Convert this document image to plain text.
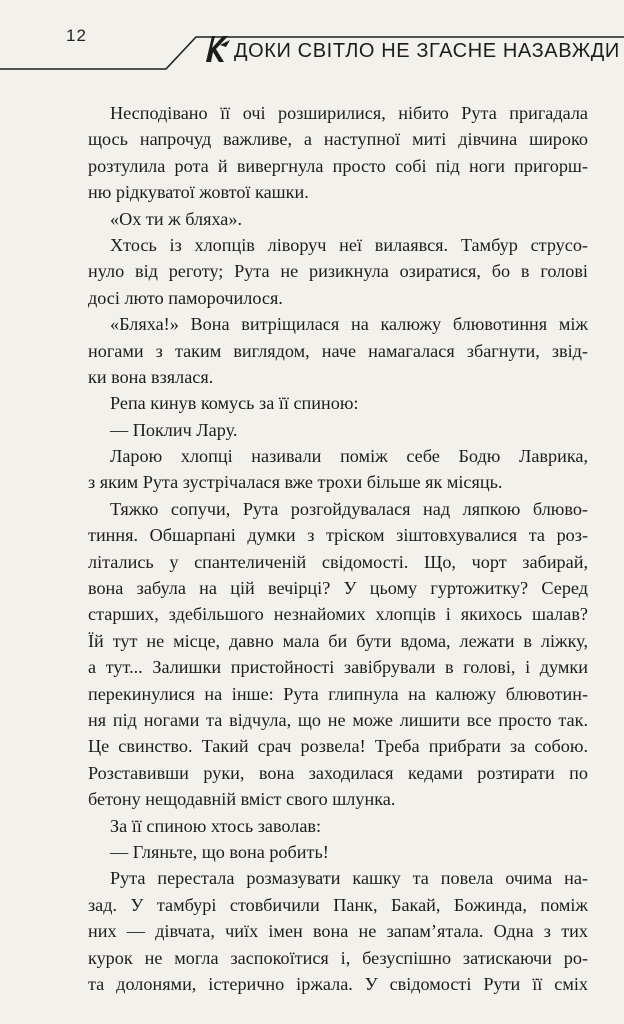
12
ДОКИ СВІТЛО НЕ ЗГАСНЕ НАЗАВЖДИ
Несподівано її очі розширилися, нібито Рута пригадала
щось напрочуд важливе, а наступної миті дівчина широко
розтулила рота й вивергнула просто собі під ноги пригорш-
ню рідкуватої жовтої кашки.
«Ох ти ж бляха».
Хтось із хлопців ліворуч неї вилаявся. Тамбур струсо-
нуло від реготу; Рута не ризикнула озиратися, бо в голові
досі люто паморочилося.
«Бляха!» Вона витріщилася на калюжу блювотиння між
ногами з таким виглядом, наче намагалася збагнути, звід-
ки вона взялася.
Репа кинув комусь за її спиною:
— Поклич Лару.
Ларою хлопці називали поміж себе Бодю Лаврика,
з яким Рута зустрічалася вже трохи більше як місяць.
Тяжко сопучи, Рута розгойдувалася над ляпкою блюво-
тиння. Обшарпані думки з тріском зіштовхувалися та роз-
літались у спантеличеній свідомості. Що, чорт забирай,
вона забула на цій вечірці? У цьому гуртожитку? Серед
старших, здебільшого незнайомих хлопців і якихось шалав?
Їй тут не місце, давно мала би бути вдома, лежати в ліжку,
а тут... Залишки пристойності завібрували в голові, і думки
перекинулися на інше: Рута глипнула на калюжу блювотин-
ня під ногами та відчула, що не може лишити все просто так.
Це свинство. Такий срач розвела! Треба прибрати за собою.
Розставивши руки, вона заходилася кедами розтирати по
бетону нещодавній вміст свого шлунка.
За її спиною хтось заволав:
— Гляньте, що вона робить!
Рута перестала розмазувати кашку та повела очима на-
зад. У тамбурі стовбичили Панк, Бакай, Божинда, поміж
них — дівчата, чиїх імен вона не запам’ятала. Одна з тих
курок не могла заспокоїтися і, безуспішно затискаючи ро-
та долонями, істерично іржала. У свідомості Рути її сміх
